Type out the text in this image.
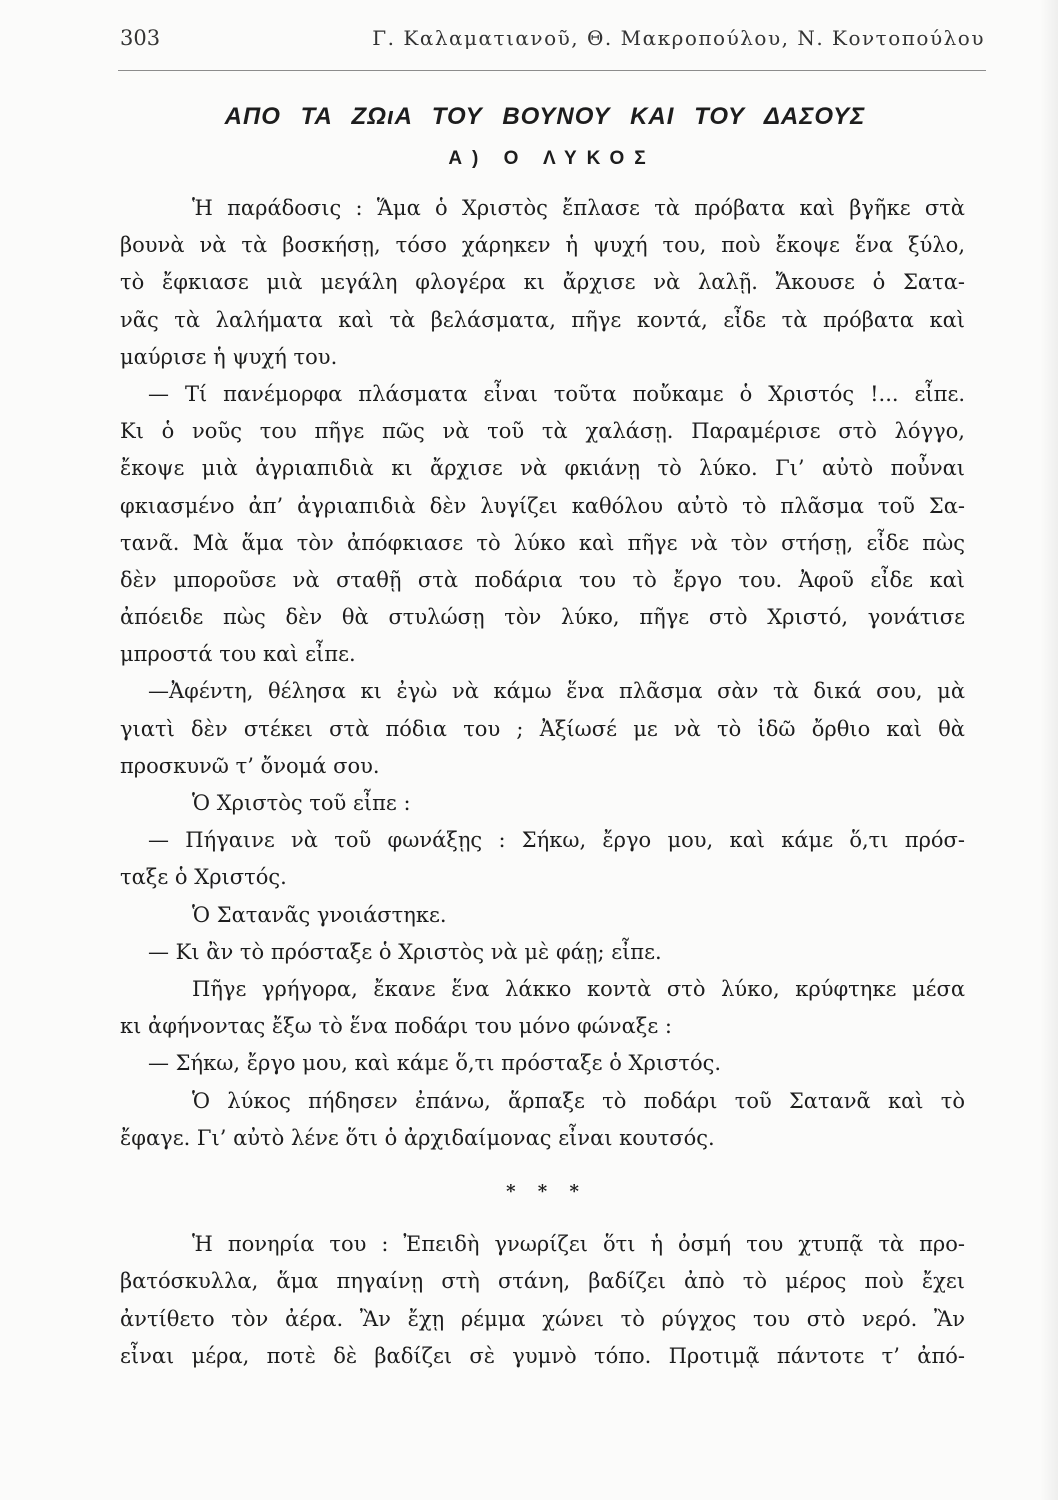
303	Γ. Καλαματιανοῦ, Θ. Μακροπούλου, Ν. Κοντοπούλου
ΑΠΟ ΤΑ ΖΩιΑ ΤΟΥ ΒΟΥΝΟΥ ΚΑΙ ΤΟΥ ΔΑΣΟΥΣ
Α) Ο ΛΥΚΟΣ
Ἡ παράδοσις : Ἅμα ὁ Χριστὸς ἔπλασε τὰ πρόβατα καὶ βγῆκε στὰ
βουνὰ νὰ τὰ βοσκήσῃ, τόσο χάρηκεν ἡ ψυχή του, ποὺ ἔκοψε ἕνα ξύλο,
τὸ ἔφκιασε μιὰ μεγάλη φλογέρα κι ἄρχισε νὰ λαλῇ. Ἄκουσε ὁ Σατα-
νᾶς τὰ λαλήματα καὶ τὰ βελάσματα, πῆγε κοντά, εἶδε τὰ πρόβατα καὶ
μαύρισε ἡ ψυχή του.
— Τί πανέμορφα πλάσματα εἶναι τοῦτα ποὔκαμε ὁ Χριστός !... εἶπε.
Κι ὁ νοῦς του πῆγε πῶς νὰ τοῦ τὰ χαλάσῃ. Παραμέρισε στὸ λόγγο,
ἔκοψε μιὰ ἀγριαπιδιὰ κι ἄρχισε νὰ φκιάνῃ τὸ λύκο. Γι’ αὐτὸ ποὖναι
φκιασμένο ἀπ’ ἀγριαπιδιὰ δὲν λυγίζει καθόλου αὐτὸ τὸ πλᾶσμα τοῦ Σα-
τανᾶ. Μὰ ἅμα τὸν ἀπόφκιασε τὸ λύκο καὶ πῆγε νὰ τὸν στήσῃ, εἶδε πὼς
δὲν μποροῦσε νὰ σταθῇ στὰ ποδάρια του τὸ ἔργο του. Ἀφοῦ εἶδε καὶ
ἀπόειδε πὼς δὲν θὰ στυλώσῃ τὸν λύκο, πῆγε στὸ Χριστό, γονάτισε
μπροστά του καὶ εἶπε.
—Ἀφέντη, θέλησα κι ἐγὼ νὰ κάμω ἕνα πλᾶσμα σὰν τὰ δικά σου, μὰ
γιατὶ δὲν στέκει στὰ πόδια του ; Ἀξίωσέ με νὰ τὸ ἰδῶ ὄρθιο καὶ θὰ
προσκυνῶ τ’ ὄνομά σου.
Ὁ Χριστὸς τοῦ εἶπε :
— Πήγαινε νὰ τοῦ φωνάξῃς : Σήκω, ἔργο μου, καὶ κάμε ὅ,τι πρόσ-
ταξε ὁ Χριστός.
Ὁ Σατανᾶς γνοιάστηκε.
— Κι ἂν τὸ πρόσταξε ὁ Χριστὸς νὰ μὲ φάῃ; εἶπε.
Πῆγε γρήγορα, ἔκανε ἕνα λάκκο κοντὰ στὸ λύκο, κρύφτηκε μέσα
κι ἀφήνοντας ἔξω τὸ ἕνα ποδάρι του μόνο φώναξε :
— Σήκω, ἔργο μου, καὶ κάμε ὅ,τι πρόσταξε ὁ Χριστός.
Ὁ λύκος πήδησεν ἐπάνω, ἅρπαξε τὸ ποδάρι τοῦ Σατανᾶ καὶ τὸ
ἔφαγε. Γι’ αὐτὸ λένε ὅτι ὁ ἀρχιδαίμονας εἶναι κουτσός.
* * *
Ἡ πονηρία του : Ἐπειδὴ γνωρίζει ὅτι ἡ ὀσμή του χτυπᾷ τὰ προ-
βατόσκυλλα, ἅμα πηγαίνῃ στὴ στάνη, βαδίζει ἀπὸ τὸ μέρος ποὺ ἔχει
ἀντίθετο τὸν ἀέρα. Ἂν ἔχῃ ρέμμα χώνει τὸ ρύγχος του στὸ νερό. Ἂν
εἶναι μέρα, ποτὲ δὲ βαδίζει σὲ γυμνὸ τόπο. Προτιμᾷ πάντοτε τ’ ἀπό-
